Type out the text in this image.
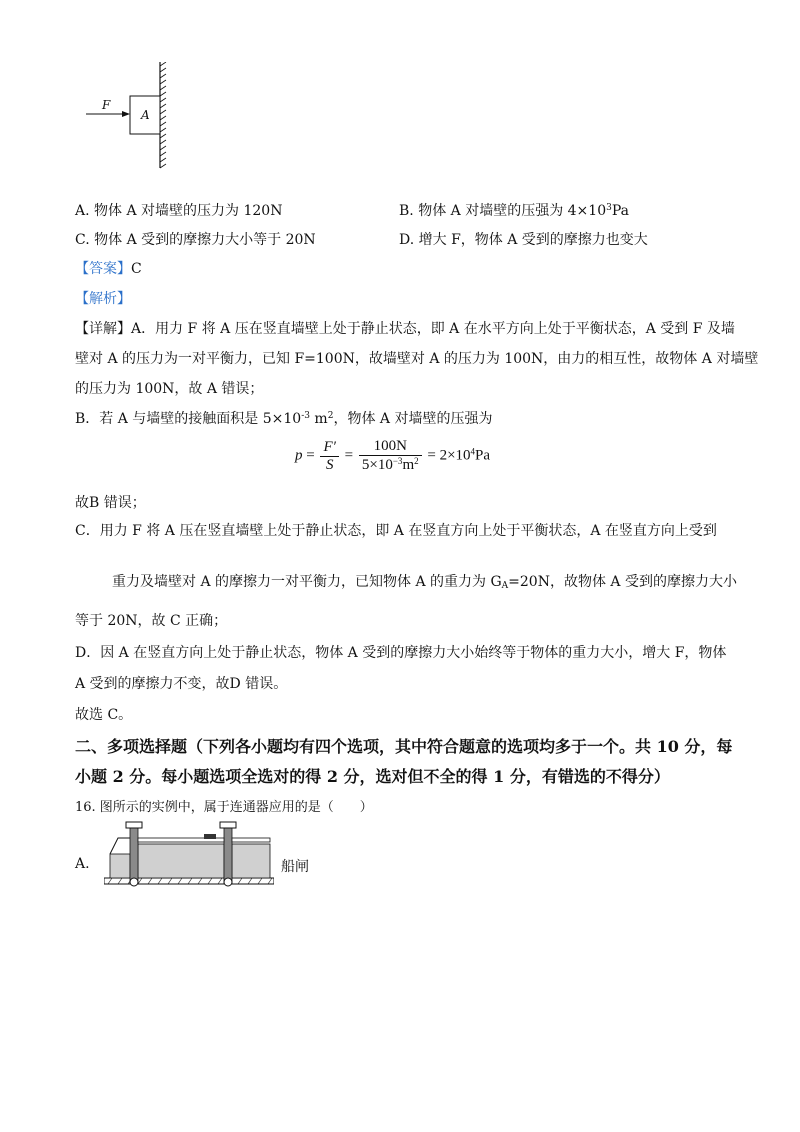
F
A
A. 物体 A 对墙壁的压力为 120N	B. 物体 A 对墙壁的压强为 $4\times 10^3Pa$
C. 物体 A 受到的摩擦力大小等于 20N	D. 增大 F，物体 A 受到的摩擦力也变大
【答案】C
【解析】
【详解】A．用力 F 将 A 压在竖直墙壁上处于静止状态，即 A 在水平方向上处于平衡状态，A 受到 F 及墙
壁对 A 的压力为一对平衡力，已知 F=100N，故墙壁对 A 的压力为 100N，由力的相互性，故物体 A 对墙壁
的压力为 100N，故 A 错误；
B．若 A 与墙壁的接触面积是 $5\times 10^{-3}$ $m^2$，物体 A 对墙壁的压强为
$p = \frac{F'}{S} = \frac{100N}{5\times 10^{-3}m^2} = 2\times 10^4Pa$
故B 错误；
C．用力 F 将 A 压在竖直墙壁上处于静止状态，即 A 在竖直方向上处于平衡状态，A 在竖直方向上受到
重力及墙壁对 A 的摩擦力一对平衡力，已知物体 A 的重力为 $G_A=20N$，故物体 A 受到的摩擦力大小
等于 20N，故 C 正确；
D．因 A 在竖直方向上处于静止状态，物体 A 受到的摩擦力大小始终等于物体的重力大小，增大 F，物体
A 受到的摩擦力不变，故D 错误。
故选 C。
二、多项选择题（下列各小题均有四个选项，其中符合题意的选项均多于一个。共 10 分，每
小题 2 分。每小题选项全选对的得 2 分，选对但不全的得 1 分，有错选的不得分）
16. 图所示的实例中，属于连通器应用的是（　　）
A.	船闸
